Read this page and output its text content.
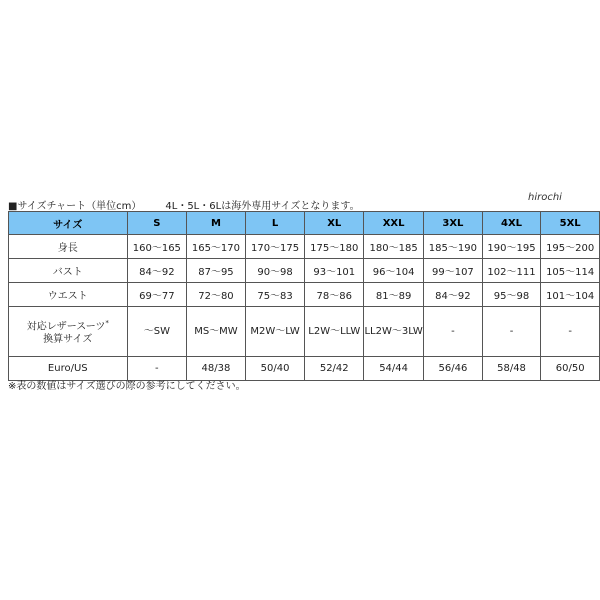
hirochi
■サイズチャート（単位cm） 4L・5L・6Lは海外専用サイズとなります。
サイズ	S	M	L	XL	XXL	3XL	4XL	5XL
身長	160～165	165～170	170～175	175～180	180～185	185～190	190～195	195～200
バスト	84～92	87～95	90～98	93～101	96～104	99～107	102～111	105～114
ウエスト	69～77	72～80	75～83	78～86	81～89	84～92	95～98	101～104
対応レザースーツ*
換算サイズ	～SW	MS～MW	M2W～LW	L2W～LLW	LL2W～3LW	-	-	-
Euro/US	-	48/38	50/40	52/42	54/44	56/46	58/48	60/50
※表の数値はサイズ選びの際の参考にしてください。
